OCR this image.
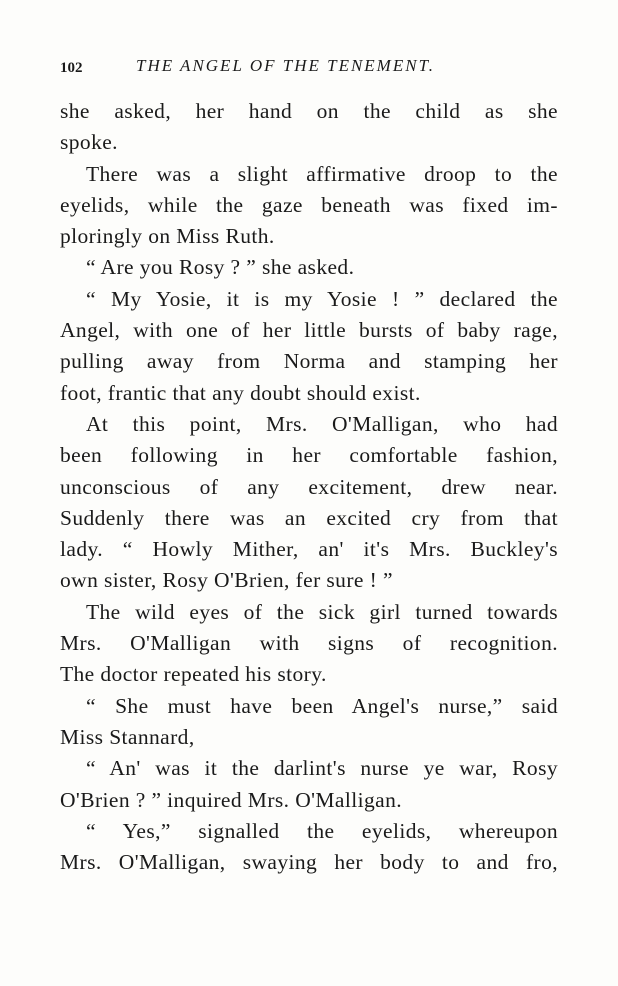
102	THE ANGEL OF THE TENEMENT.
she asked, her hand on the child as she
spoke.
There was a slight affirmative droop to the
eyelids, while the gaze beneath was fixed im-
ploringly on Miss Ruth.
“ Are you Rosy ? ” she asked.
“ My Yosie, it is my Yosie ! ” declared the
Angel, with one of her little bursts of baby rage,
pulling away from Norma and stamping her
foot, frantic that any doubt should exist.
At this point, Mrs. O'Malligan, who had
been following in her comfortable fashion,
unconscious of any excitement, drew near.
Suddenly there was an excited cry from that
lady. “ Howly Mither, an' it's Mrs. Buckley's
own sister, Rosy O'Brien, fer sure ! ”
The wild eyes of the sick girl turned towards
Mrs. O'Malligan with signs of recognition.
The doctor repeated his story.
“ She must have been Angel's nurse,” said
Miss Stannard,
“ An' was it the darlint's nurse ye war, Rosy
O'Brien ? ” inquired Mrs. O'Malligan.
“ Yes,” signalled the eyelids, whereupon
Mrs. O'Malligan, swaying her body to and fro,
